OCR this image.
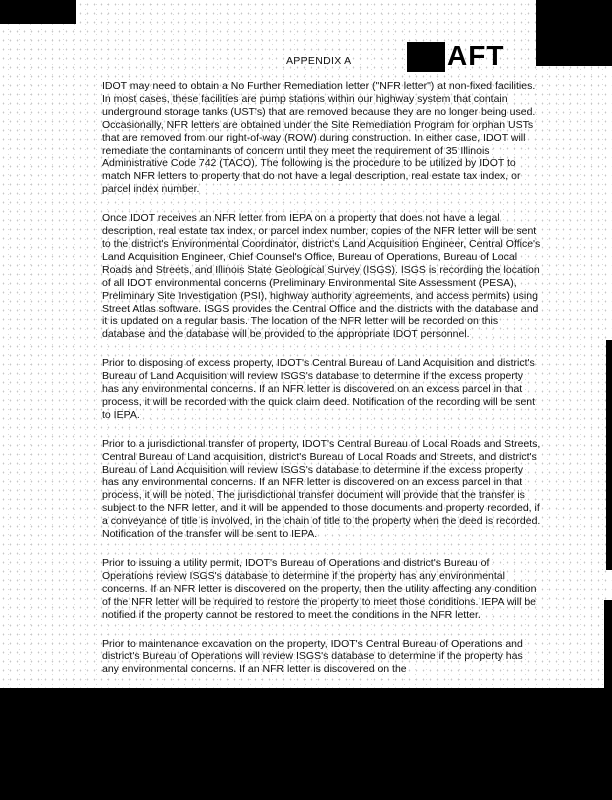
APPENDIX A	AFT

IDOT may need to obtain a No Further Remediation letter ("NFR letter") at non-fixed facilities. In most cases, these facilities are pump stations within our highway system that contain underground storage tanks (UST's) that are removed because they are no longer being used. Occasionally, NFR letters are obtained under the Site Remediation Program for orphan USTs that are removed from our right-of-way (ROW) during construction. In either case, IDOT will remediate the contaminants of concern until they meet the requirement of 35 Illinois Administrative Code 742 (TACO). The following is the procedure to be utilized by IDOT to match NFR letters to property that do not have a legal description, real estate tax index, or parcel index number.

Once IDOT receives an NFR letter from IEPA on a property that does not have a legal description, real estate tax index, or parcel index number, copies of the NFR letter will be sent to the district's Environmental Coordinator, district's Land Acquisition Engineer, Central Office's Land Acquisition Engineer, Chief Counsel's Office, Bureau of Operations, Bureau of Local Roads and Streets, and Illinois State Geological Survey (ISGS). ISGS is recording the location of all IDOT environmental concerns (Preliminary Environmental Site Assessment (PESA), Preliminary Site Investigation (PSI), highway authority agreements, and access permits) using Street Atlas software. ISGS provides the Central Office and the districts with the database and it is updated on a regular basis. The location of the NFR letter will be recorded on this database and the database will be provided to the appropriate IDOT personnel.

Prior to disposing of excess property, IDOT's Central Bureau of Land Acquisition and district's Bureau of Land Acquisition will review ISGS's database to determine if the excess property has any environmental concerns. If an NFR letter is discovered on an excess parcel in that process, it will be recorded with the quick claim deed. Notification of the recording will be sent to IEPA.

Prior to a jurisdictional transfer of property, IDOT's Central Bureau of Local Roads and Streets, Central Bureau of Land acquisition, district's Bureau of Local Roads and Streets, and district's Bureau of Land Acquisition will review ISGS's database to determine if the excess property has any environmental concerns. If an NFR letter is discovered on an excess parcel in that process, it will be noted. The jurisdictional transfer document will provide that the transfer is subject to the NFR letter, and it will be appended to those documents and property recorded, if a conveyance of title is involved, in the chain of title to the property when the deed is recorded. Notification of the transfer will be sent to IEPA.

Prior to issuing a utility permit, IDOT's Bureau of Operations and district's Bureau of Operations review ISGS's database to determine if the property has any environmental concerns. If an NFR letter is discovered on the property, then the utility affecting any condition of the NFR letter will be required to restore the property to meet those conditions. IEPA will be notified if the property cannot be restored to meet the conditions in the NFR letter.

Prior to maintenance excavation on the property, IDOT's Central Bureau of Operations and district's Bureau of Operations will review ISGS's database to determine if the property has any environmental concerns. If an NFR letter is discovered on the
